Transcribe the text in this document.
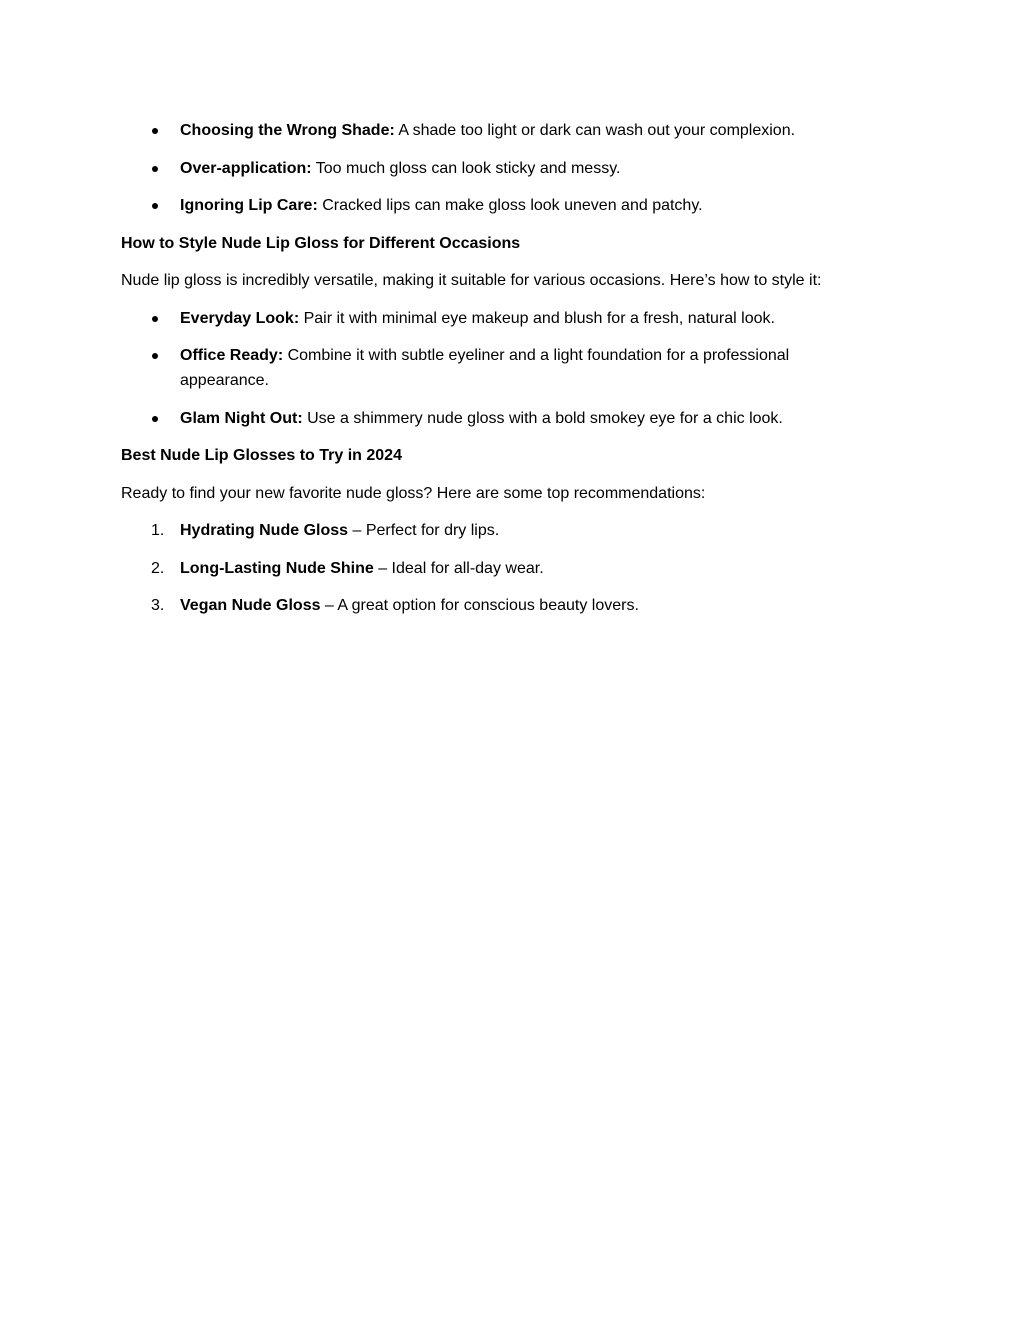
Choosing the Wrong Shade: A shade too light or dark can wash out your complexion.
Over-application: Too much gloss can look sticky and messy.
Ignoring Lip Care: Cracked lips can make gloss look uneven and patchy.
How to Style Nude Lip Gloss for Different Occasions
Nude lip gloss is incredibly versatile, making it suitable for various occasions. Here’s how to style it:
Everyday Look: Pair it with minimal eye makeup and blush for a fresh, natural look.
Office Ready: Combine it with subtle eyeliner and a light foundation for a professional appearance.
Glam Night Out: Use a shimmery nude gloss with a bold smokey eye for a chic look.
Best Nude Lip Glosses to Try in 2024
Ready to find your new favorite nude gloss? Here are some top recommendations:
1. Hydrating Nude Gloss – Perfect for dry lips.
2. Long-Lasting Nude Shine – Ideal for all-day wear.
3. Vegan Nude Gloss – A great option for conscious beauty lovers.
